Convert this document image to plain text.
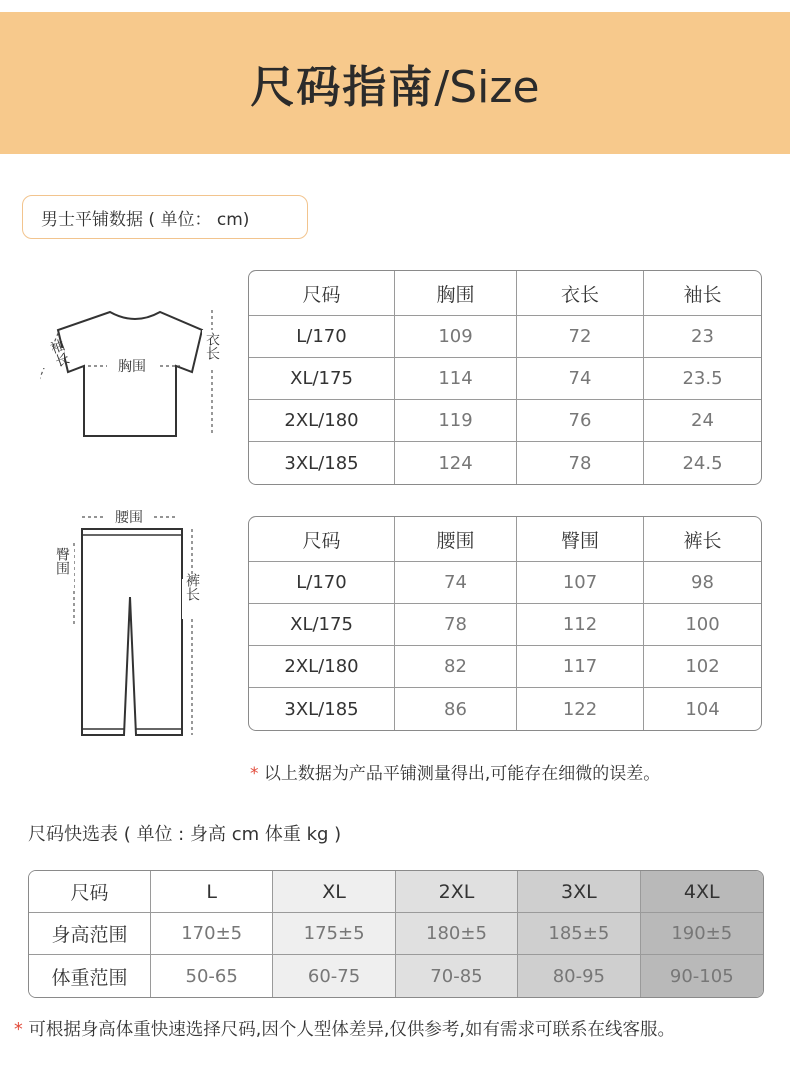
尺码指南/Size
男士平铺数据 ( 单位： cm)
胸围
衣长
袖长
腰围
臀围
裤长
尺码	胸围	衣长	袖长
L/170	109	72	23
XL/175	114	74	23.5
2XL/180	119	76	24
3XL/185	124	78	24.5
尺码	腰围	臀围	裤长
L/170	74	107	98
XL/175	78	112	100
2XL/180	82	117	102
3XL/185	86	122	104
* 以上数据为产品平铺测量得出,可能存在细微的误差。
尺码快选表 ( 单位 : 身高 cm 体重 kg )
尺码	L	XL	2XL	3XL	4XL
身高范围	170±5	175±5	180±5	185±5	190±5
体重范围	50-65	60-75	70-85	80-95	90-105
* 可根据身高体重快速选择尺码,因个人型体差异,仅供参考,如有需求可联系在线客服。
